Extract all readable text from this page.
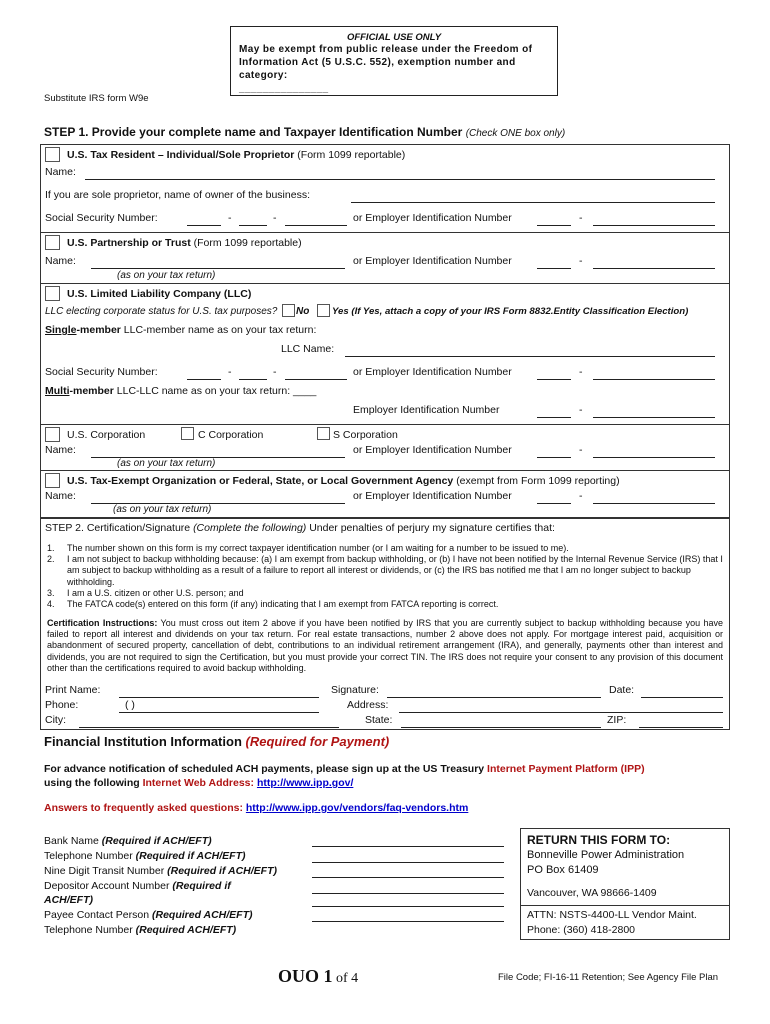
OFFICIAL USE ONLY
May be exempt from public release under the Freedom of Information Act (5 U.S.C. 552), exemption number and category:
_______________
Substitute IRS form W9e
STEP 1. Provide your complete name and Taxpayer Identification Number (Check ONE box only)
U.S. Tax Resident – Individual/Sole Proprietor (Form 1099 reportable)
Name:
If you are sole proprietor, name of owner of the business:
Social Security Number:	-	-	or Employer Identification Number	-
U.S. Partnership or Trust (Form 1099 reportable)
Name:	or Employer Identification Number	-
(as on your tax return)
U.S. Limited Liability Company (LLC)
LLC electing corporate status for U.S. tax purposes? No Yes (If Yes, attach a copy of your IRS Form 8832.Entity Classification Election)
Single-member LLC-member name as on your tax return:
LLC Name:
Social Security Number:	-	-	or Employer Identification Number	-
Multi-member LLC-LLC name as on your tax return: ____
Employer Identification Number	-
U.S. Corporation	C Corporation	S Corporation
Name:	or Employer Identification Number	-
(as on your tax return)
U.S. Tax-Exempt Organization or Federal, State, or Local Government Agency (exempt from Form 1099 reporting)
Name:	or Employer Identification Number	-
(as on your tax return)
STEP 2. Certification/Signature (Complete the following) Under penalties of perjury my signature certifies that:
1.	The number shown on this form is my correct taxpayer identification number (or I am waiting for a number to be issued to me).
2.	I am not subject to backup withholding because: (a) I am exempt from backup withholding, or (b) I have not been notified by the Internal Revenue Service (IRS) that I am subject to backup withholding as a result of a failure to report all interest or dividends, or (c) the IRS bas notified me that I am no longer subject to backup withholding.
3.	I am a U.S. citizen or other U.S. person; and
4.	The FATCA code(s) entered on this form (if any) indicating that I am exempt from FATCA reporting is correct.
Certification Instructions: You must cross out item 2 above if you have been notified by IRS that you are currently subject to backup withholding because you have failed to report all interest and dividends on your tax return. For real estate transactions, number 2 above does not apply. For mortgage interest paid, acquisition or abandonment of secured property, cancellation of debt, contributions to an individual retirement arrangement (IRA), and generally, payments other than interest and dividends, you are not required to sign the Certification, but you must provide your correct TIN. The IRS does not require your consent to any provision of this document other than the certifications required to avoid backup withholding.
Print Name:	Signature:	Date:
Phone:	( )	Address:
City:	State:	ZIP:
Financial Institution Information (Required for Payment)
For advance notification of scheduled ACH payments, please sign up at the US Treasury Internet Payment Platform (IPP)
using the following Internet Web Address: http://www.ipp.gov/
Answers to frequently asked questions: http://www.ipp.gov/vendors/faq-vendors.htm
Bank Name (Required if ACH/EFT)
Telephone Number (Required if ACH/EFT)
Nine Digit Transit Number (Required if ACH/EFT)
Depositor Account Number (Required if ACH/EFT)
Payee Contact Person (Required ACH/EFT)
Telephone Number (Required ACH/EFT)
RETURN THIS FORM TO:
Bonneville Power Administration
PO Box 61409
Vancouver, WA 98666-1409
ATTN: NSTS-4400-LL Vendor Maint.
Phone: (360) 418-2800
OUO 1 of 4	File Code; FI-16-11 Retention; See Agency File Plan
